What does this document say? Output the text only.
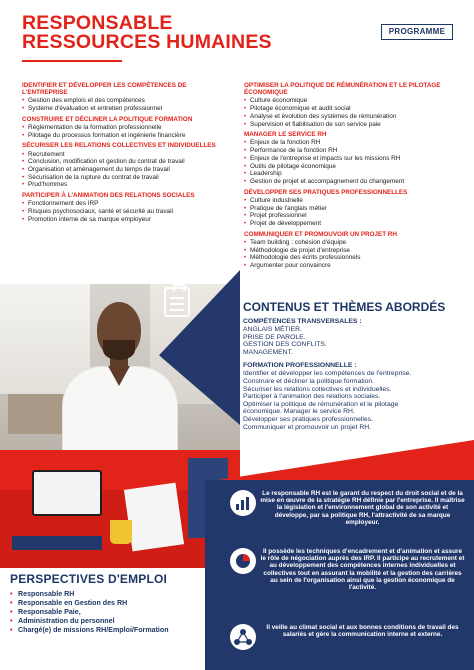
RESPONSABLE
RESSOURCES HUMAINES	PROGRAMME
IDENTIFIER ET DÉVELOPPER LES COMPÉTENCES DE L'ENTREPRISE
• Gestion des emplois et des compétences
• Système d'évaluation et entretien professionnel
CONSTRUIRE ET DÉCLINER LA POLITIQUE FORMATION
• Réglementation de la formation professionnelle
• Pilotage du processus formation et ingénierie financière
SÉCURISER LES RELATIONS COLLECTIVES ET INDIVIDUELLES
• Recrutement
• Conclusion, modification et gestion du contrat de travail
• Organisation et aménagement du temps de travail
• Sécurisation de la rupture du contrat de travail
• Prud'hommes
PARTICIPER À L'ANIMATION DES RELATIONS SOCIALES
• Fonctionnement des IRP
• Risques psychosociaux, santé et sécurité au travail
• Promotion interne de sa marque employeur
OPTIMISER LA POLITIQUE DE RÉMUNÉRATION ET LE PILOTAGE ÉCONOMIQUE
• Culture économique
• Pilotage économique et audit social
• Analyse et évolution des systèmes de rémunération
• Supervision et fiabilisation de son service paie
MANAGER LE SERVICE RH
• Enjeux de la fonction RH
• Performance de la fonction RH
• Enjeux de l'entreprise et impacts sur les missions RH
• Outils de pilotage économique
• Leadership
• Gestion de projet et accompagnement du changement
DÉVELOPPER SES PRATIQUES PROFESSIONNELLES
• Culture industrielle
• Pratique de l'anglais métier
• Projet professionnel
• Projet de développement
COMMUNIQUER ET PROMOUVOIR UN PROJET RH
• Team building : cohésion d'équipe
• Méthodologie de projet d'entreprise
• Méthodologie des écrits professionnels
• Argumenter pour convaincre
CONTENUS ET THÈMES ABORDÉS
COMPÉTENCES TRANSVERSALES :
ANGLAIS MÉTIER.
PRISE DE PAROLE.
GESTION DES CONFLITS.
MANAGEMENT.
FORMATION PROFESSIONNELLE :
Identifier et développer les compétences de l'entreprise.
Construire et décliner la politique formation.
Sécuriser les relations collectives et individuelles.
Participer à l'animation des relations sociales.
Optimiser la politique de rémunération et le pilotage
économique. Manager le service RH.
Développer ses pratiques professionnelles.
Communiquer et promouvoir un projet RH.
Le responsable RH est le garant du respect du droit social et de la mise en œuvre de la stratégie RH définie par l'entreprise. Il maîtrise la législation et l'environnement global de son activité et développe, par sa politique RH, l'attractivité de sa marque employeur.
Il possède les techniques d'encadrement et d'animation et assure le rôle de négociation auprès des IRP. Il participe au recrutement et au développement des compétences internes individuelles et collectives tout en assurant la mobilité et la gestion des carrières au sein de l'organisation ainsi que la gestion économique de l'activité.
Il veille au climat social et aux bonnes conditions de travail des salariés et gère la communication interne et externe.
PERSPECTIVES D'EMPLOI
• Responsable RH
• Responsable en Gestion des RH
• Responsable Paie,
• Administration du personnel
• Chargé(e) de missions RH/Emploi/Formation
